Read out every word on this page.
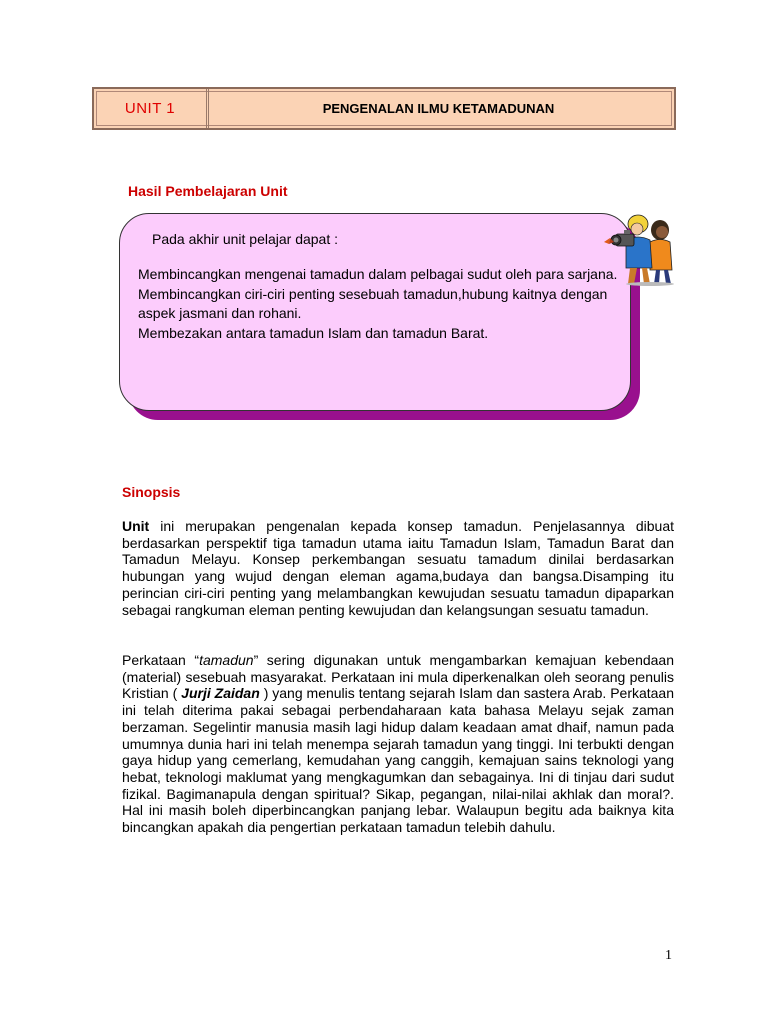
UNIT 1	PENGENALAN ILMU KETAMADUNAN
Hasil Pembelajaran Unit
Pada akhir unit pelajar dapat :
Membincangkan mengenai tamadun dalam pelbagai sudut oleh para sarjana.
Membincangkan ciri-ciri penting sesebuah tamadun,hubung kaitnya dengan aspek jasmani dan rohani.
Membezakan antara tamadun Islam dan tamadun Barat.
Sinopsis

Unit ini merupakan pengenalan kepada konsep tamadun. Penjelasannya dibuat berdasarkan perspektif tiga tamadun utama iaitu Tamadun Islam, Tamadun Barat dan Tamadun Melayu. Konsep perkembangan sesuatu tamadum dinilai berdasarkan hubungan yang wujud dengan eleman agama,budaya dan bangsa.Disamping itu perincian ciri-ciri penting yang melambangkan kewujudan sesuatu tamadun dipaparkan sebagai rangkuman eleman penting kewujudan dan kelangsungan sesuatu tamadun.

Perkataan “tamadun” sering digunakan untuk mengambarkan kemajuan kebendaan (material) sesebuah masyarakat. Perkataan ini mula diperkenalkan oleh seorang penulis Kristian ( Jurji Zaidan ) yang menulis tentang sejarah Islam dan sastera Arab. Perkataan ini telah diterima pakai sebagai perbendaharaan kata bahasa Melayu sejak zaman berzaman. Segelintir manusia masih lagi hidup dalam keadaan amat dhaif, namun pada umumnya dunia hari ini telah menempa sejarah tamadun yang tinggi. Ini terbukti dengan gaya hidup yang cemerlang, kemudahan yang canggih, kemajuan sains teknologi yang hebat, teknologi maklumat yang mengkagumkan dan sebagainya. Ini di tinjau dari sudut fizikal. Bagimanapula dengan spiritual? Sikap, pegangan, nilai-nilai akhlak dan moral?. Hal ini masih boleh diperbincangkan panjang lebar. Walaupun begitu ada baiknya kita bincangkan apakah dia pengertian perkataan tamadun telebih dahulu.

1
